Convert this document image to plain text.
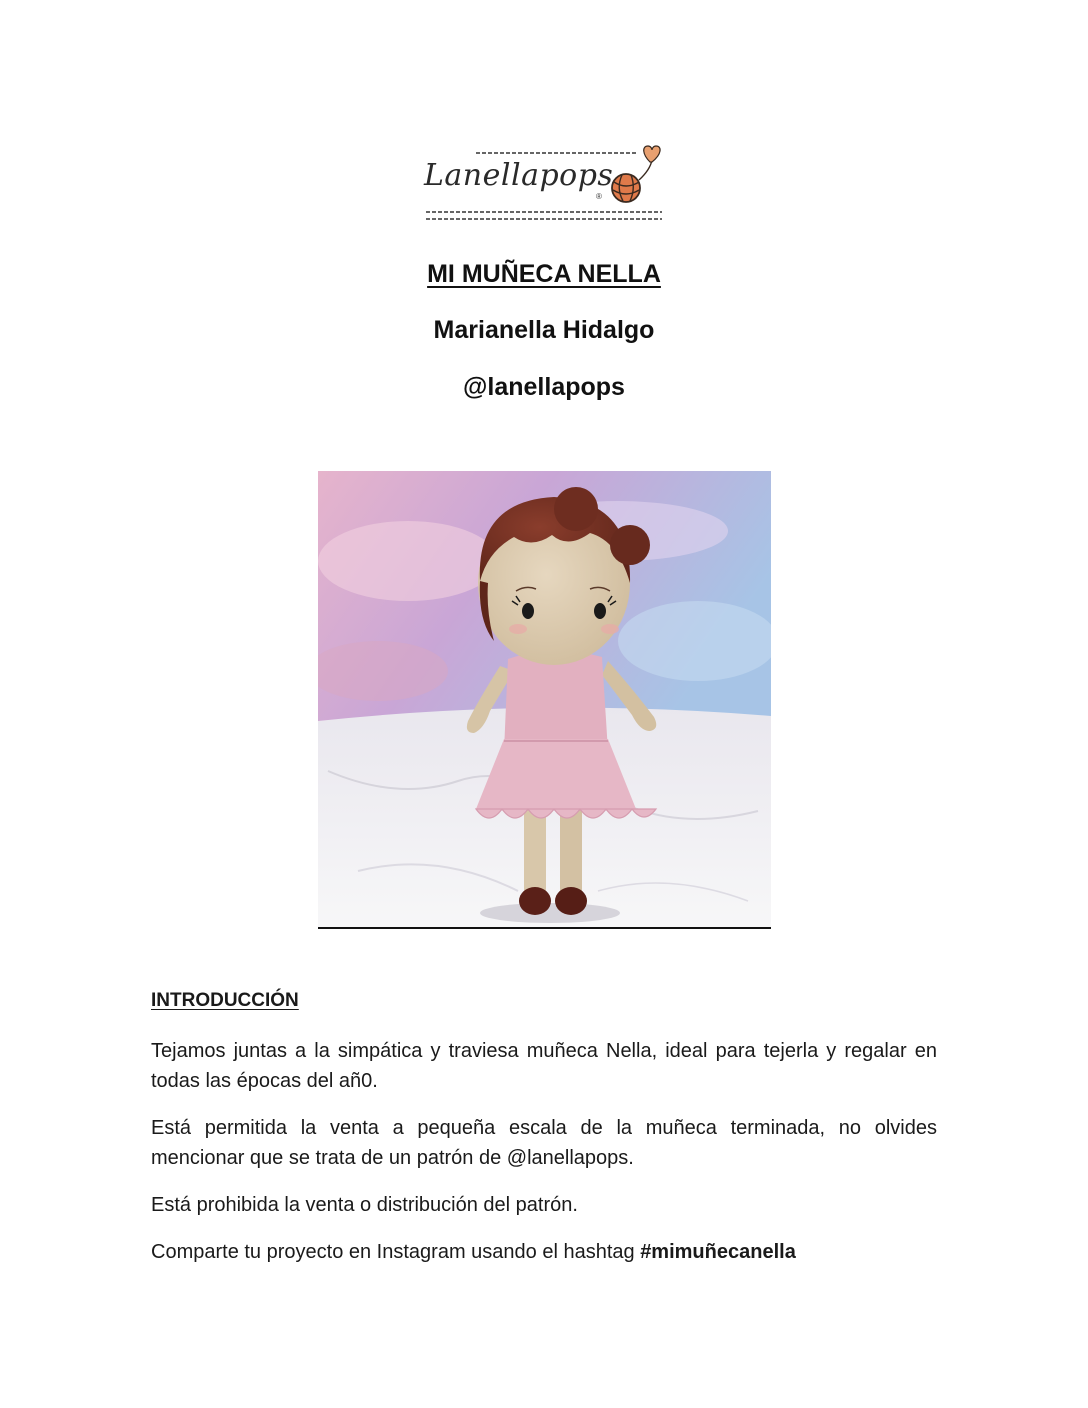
Lanellapops
®
MI MUÑECA NELLA
Marianella Hidalgo
@lanellapops
INTRODUCCIÓN

Tejamos juntas a la simpática y traviesa muñeca Nella, ideal para tejerla y regalar en todas las épocas del añ0.

Está permitida la venta a pequeña escala de la muñeca terminada, no olvides mencionar que se trata de un patrón de @lanellapops.

Está prohibida la venta o distribución del patrón.

Comparte tu proyecto en Instagram usando el hashtag #mimuñecanella
